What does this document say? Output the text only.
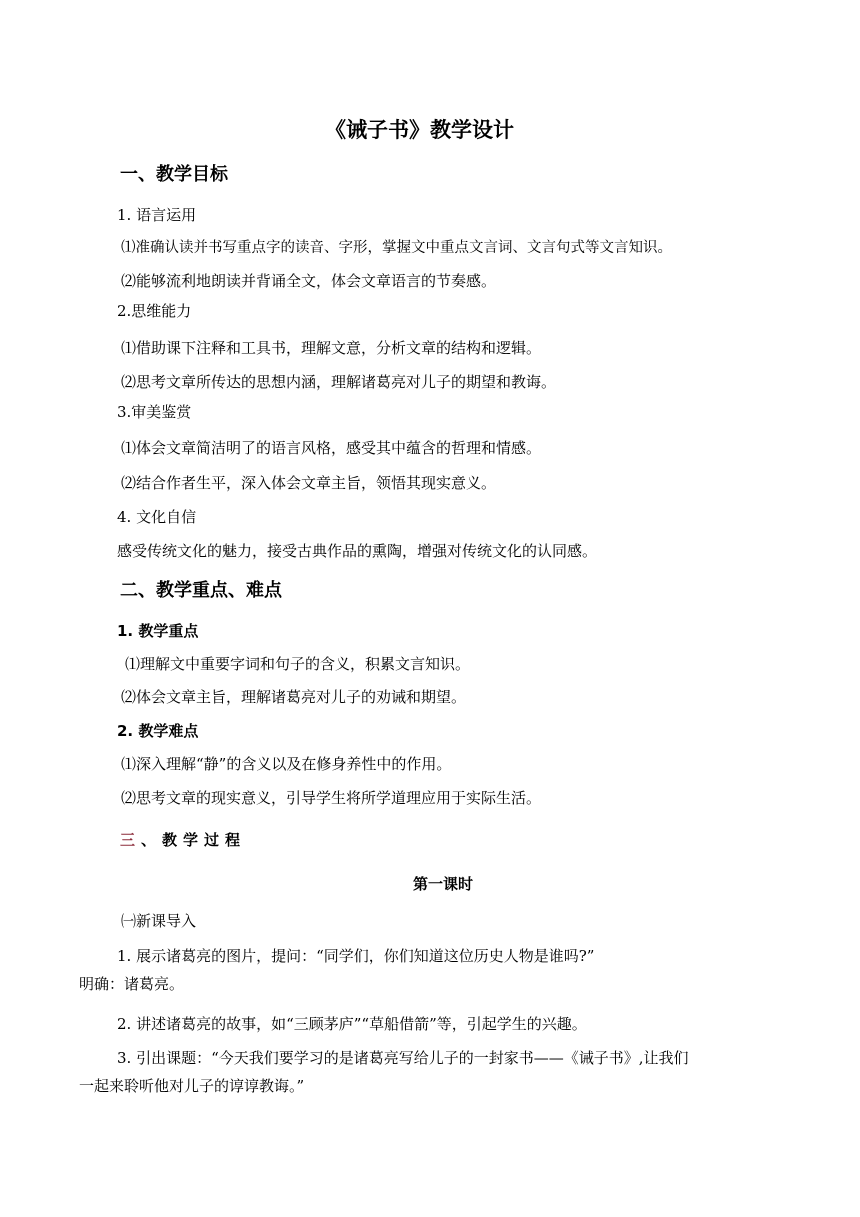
《诫子书》教学设计
一、教学目标
1. 语言运用
⑴准确认读并书写重点字的读音、字形，掌握文中重点文言词、文言句式等文言知识。
⑵能够流利地朗读并背诵全文，体会文章语言的节奏感。
2.思维能力
⑴借助课下注释和工具书，理解文意，分析文章的结构和逻辑。
⑵思考文章所传达的思想内涵，理解诸葛亮对儿子的期望和教诲。
3.审美鉴赏
⑴体会文章简洁明了的语言风格，感受其中蕴含的哲理和情感。
⑵结合作者生平，深入体会文章主旨，领悟其现实意义。
4. 文化自信
感受传统文化的魅力，接受古典作品的熏陶，增强对传统文化的认同感。
二、教学重点、难点
1. 教学重点
⑴理解文中重要字词和句子的含义，积累文言知识。
⑵体会文章主旨，理解诸葛亮对儿子的劝诫和期望。
2. 教学难点
⑴深入理解“静”的含义以及在修身养性中的作用。
⑵思考文章的现实意义，引导学生将所学道理应用于实际生活。
三、教学过程
第一课时
㈠新课导入
1. 展示诸葛亮的图片，提问：“同学们，你们知道这位历史人物是谁吗?”
明确：诸葛亮。
2. 讲述诸葛亮的故事，如“三顾茅庐”“草船借箭”等，引起学生的兴趣。
3. 引出课题：“今天我们要学习的是诸葛亮写给儿子的一封家书——《诫子书》,让我们
一起来聆听他对儿子的谆谆教诲。”
